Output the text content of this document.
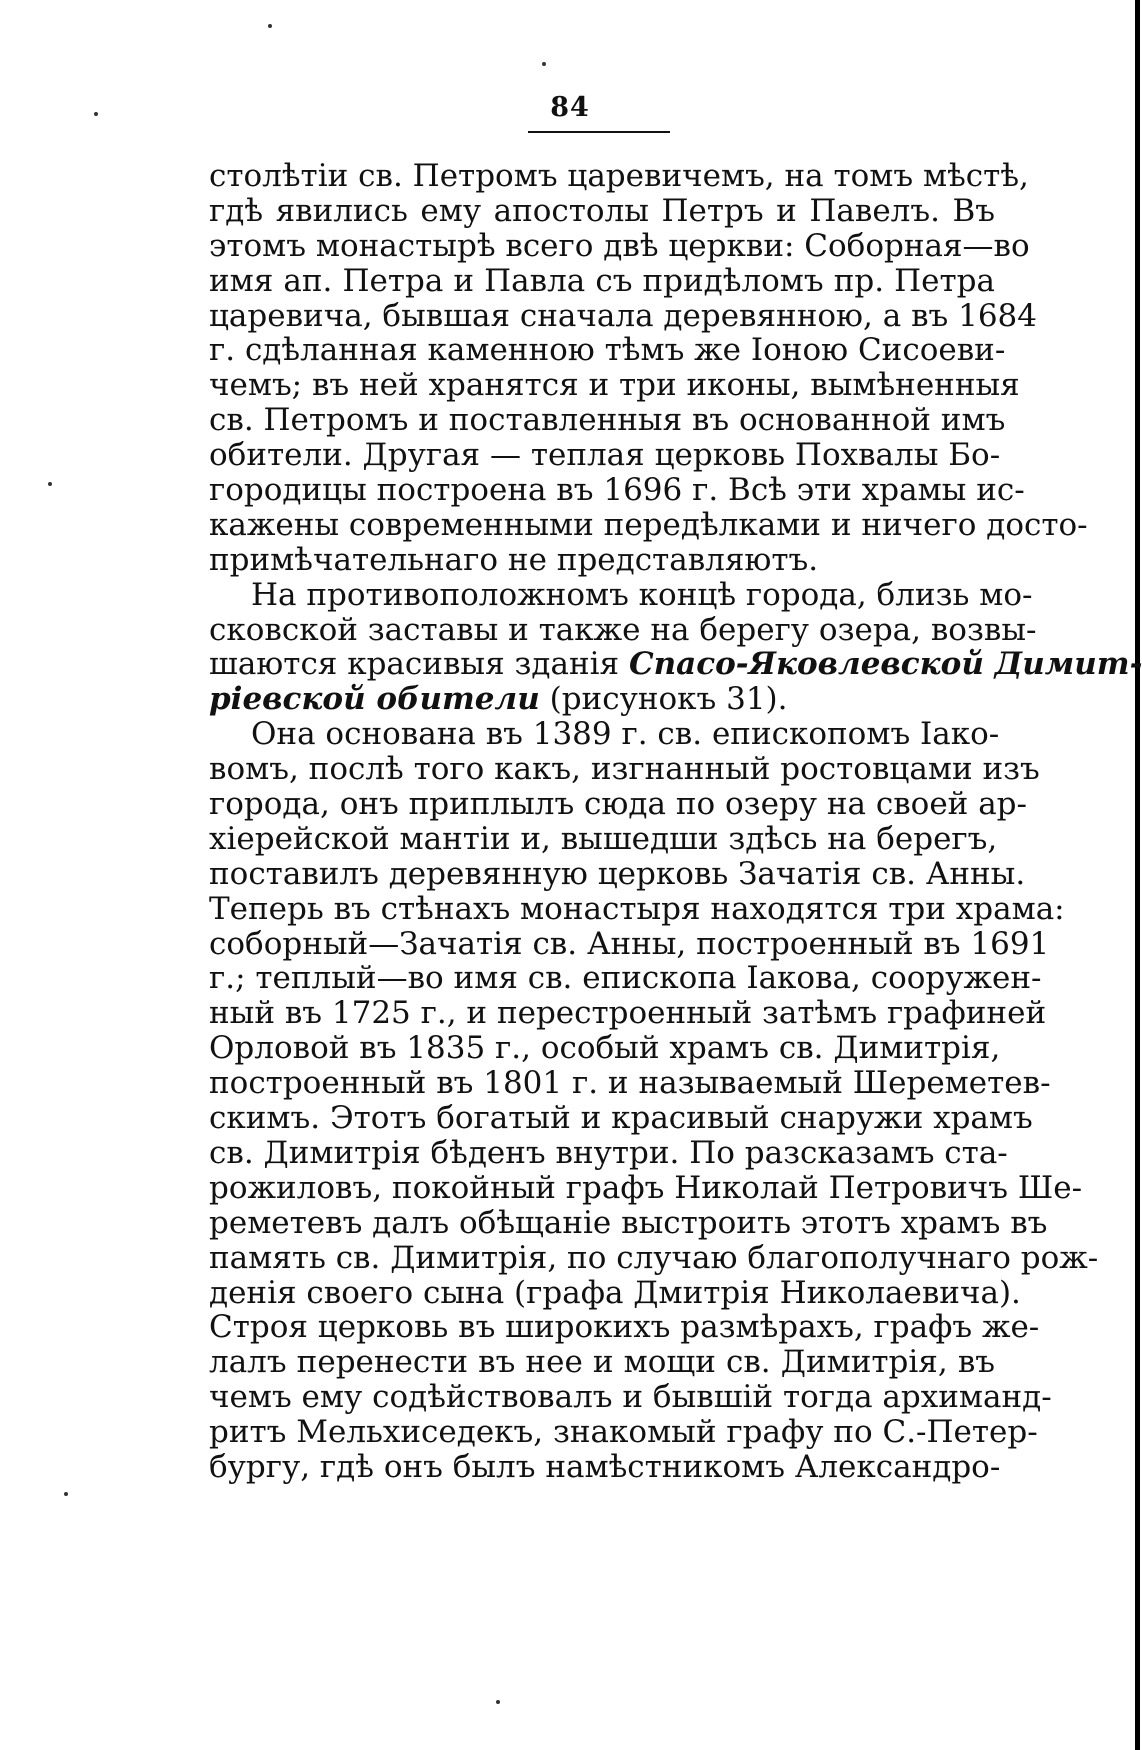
84
столѣтіи св. Петромъ царевичемъ, на томъ мѣстѣ,
гдѣ явились ему апостолы Петръ и Павелъ. Въ
этомъ монастырѣ всего двѣ церкви: Соборная—во
имя ап. Петра и Павла съ придѣломъ пр. Петра
царевича, бывшая сначала деревянною, а въ 1684
г. сдѣланная каменною тѣмъ же Іоною Сисоеви-
чемъ; въ ней хранятся и три иконы, вымѣненныя
св. Петромъ и поставленныя въ основанной имъ
обители. Другая — теплая церковь Похвалы Бо-
городицы построена въ 1696 г. Всѣ эти храмы ис-
кажены современными передѣлками и ничего досто-
примѣчательнаго не представляютъ.
На противоположномъ концѣ города, близь мо-
сковской заставы и также на берегу озера, возвы-
шаются красивыя зданія Спасо-Яковлевской Димит-
ріевской обители (рисунокъ 31).
Она основана въ 1389 г. св. епископомъ Іако-
вомъ, послѣ того какъ, изгнанный ростовцами изъ
города, онъ приплылъ сюда по озеру на своей ар-
хіерейской мантіи и, вышедши здѣсь на берегъ,
поставилъ деревянную церковь Зачатія св. Анны.
Теперь въ стѣнахъ монастыря находятся три храма:
соборный—Зачатія св. Анны, построенный въ 1691
г.; теплый—во имя св. епископа Іакова, сооружен-
ный въ 1725 г., и перестроенный затѣмъ графиней
Орловой въ 1835 г., особый храмъ св. Димитрія,
построенный въ 1801 г. и называемый Шереметев-
скимъ. Этотъ богатый и красивый снаружи храмъ
св. Димитрія бѣденъ внутри. По разсказамъ ста-
рожиловъ, покойный графъ Николай Петровичъ Ше-
реметевъ далъ обѣщаніе выстроить этотъ храмъ въ
память св. Димитрія, по случаю благополучнаго рож-
денія своего сына (графа Дмитрія Николаевича).
Строя церковь въ широкихъ размѣрахъ, графъ же-
лалъ перенести въ нее и мощи св. Димитрія, въ
чемъ ему содѣйствовалъ и бывшій тогда архиманд-
ритъ Мельхиседекъ, знакомый графу по С.-Петер-
бургу, гдѣ онъ былъ намѣстникомъ Александро-
